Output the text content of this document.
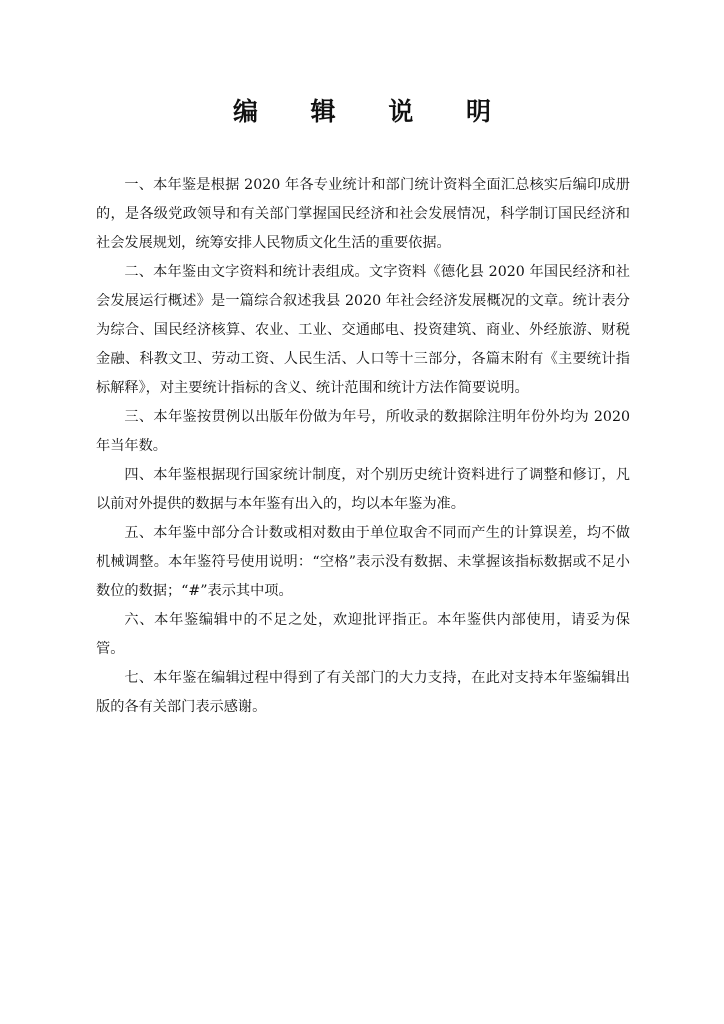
编 辑 说 明

一、本年鉴是根据 2020 年各专业统计和部门统计资料全面汇总核实后编印成册的，是各级党政领导和有关部门掌握国民经济和社会发展情况，科学制订国民经济和社会发展规划，统筹安排人民物质文化生活的重要依据。

二、本年鉴由文字资料和统计表组成。文字资料《德化县 2020 年国民经济和社会发展运行概述》是一篇综合叙述我县 2020 年社会经济发展概况的文章。统计表分为综合、国民经济核算、农业、工业、交通邮电、投资建筑、商业、外经旅游、财税金融、科教文卫、劳动工资、人民生活、人口等十三部分，各篇末附有《主要统计指标解释》，对主要统计指标的含义、统计范围和统计方法作简要说明。

三、本年鉴按贯例以出版年份做为年号，所收录的数据除注明年份外均为 2020 年当年数。

四、本年鉴根据现行国家统计制度，对个别历史统计资料进行了调整和修订，凡以前对外提供的数据与本年鉴有出入的，均以本年鉴为准。

五、本年鉴中部分合计数或相对数由于单位取舍不同而产生的计算误差，均不做机械调整。本年鉴符号使用说明：“空格”表示没有数据、未掌握该指标数据或不足小数位的数据；“#”表示其中项。

六、本年鉴编辑中的不足之处，欢迎批评指正。本年鉴供内部使用，请妥为保管。

七、本年鉴在编辑过程中得到了有关部门的大力支持，在此对支持本年鉴编辑出版的各有关部门表示感谢。
